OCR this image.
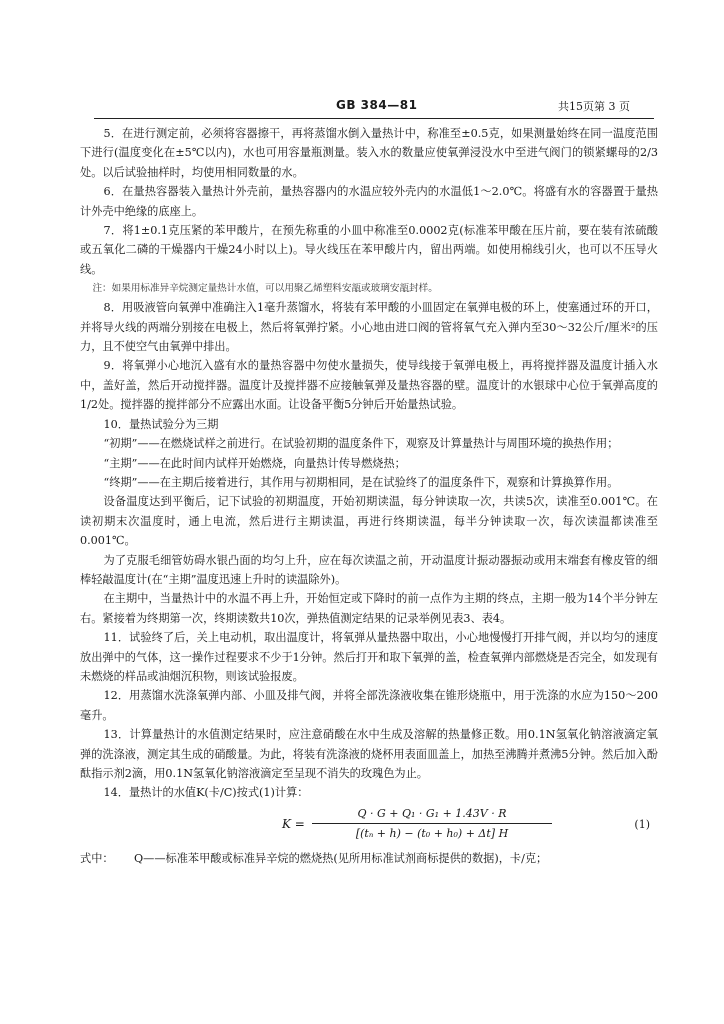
GB 384—81	共15页第 3 页

5．在进行测定前，必须将容器擦干，再将蒸馏水倒入量热计中，称准至±0.5克，如果测量始终在同一温度范围下进行(温度变化在±5℃以内)，水也可用容量瓶测量。装入水的数量应使氧弹浸没水中至进气阀门的锁紧螺母的2/3处。以后试验抽样时，均使用相同数量的水。

6．在量热容器装入量热计外壳前，量热容器内的水温应较外壳内的水温低1～2.0℃。将盛有水的容器置于量热计外壳中绝缘的底座上。

7．将1±0.1克压紧的苯甲酸片，在预先称重的小皿中称准至0.0002克(标准苯甲酸在压片前，要在装有浓硫酸或五氧化二磷的干燥器内干燥24小时以上)。导火线压在苯甲酸片内，留出两端。如使用棉线引火，也可以不压导火线。

注：如果用标准异辛烷测定量热计水值，可以用聚乙烯塑料安瓿或玻璃安瓿封样。

8．用吸液管向氧弹中准确注入1毫升蒸馏水，将装有苯甲酸的小皿固定在氧弹电极的环上，使塞通过环的开口，并将导火线的两端分别接在电极上，然后将氧弹拧紧。小心地由进口阀的管将氧气充入弹内至30～32公斤/厘米²的压力，且不使空气由氧弹中排出。

9．将氧弹小心地沉入盛有水的量热容器中勿使水量损失，使导线接于氧弹电极上，再将搅拌器及温度计插入水中，盖好盖，然后开动搅拌器。温度计及搅拌器不应接触氧弹及量热容器的壁。温度计的水银球中心位于氧弹高度的1/2处。搅拌器的搅拌部分不应露出水面。让设备平衡5分钟后开始量热试验。

10．量热试验分为三期

“初期”——在燃烧试样之前进行。在试验初期的温度条件下，观察及计算量热计与周围环境的换热作用；

“主期”——在此时间内试样开始燃烧，向量热计传导燃烧热；

“终期”——在主期后接着进行，其作用与初期相同，是在试验终了的温度条件下，观察和计算换算作用。

设备温度达到平衡后，记下试验的初期温度，开始初期读温，每分钟读取一次，共读5次，读准至0.001℃。在读初期末次温度时，通上电流，然后进行主期读温，再进行终期读温，每半分钟读取一次，每次读温都读准至0.001℃。

为了克服毛细管妨碍水银凸面的均匀上升，应在每次读温之前，开动温度计振动器振动或用末端套有橡皮管的细棒轻敲温度计(在“主期”温度迅速上升时的读温除外)。

在主期中，当量热计中的水温不再上升，开始恒定或下降时的前一点作为主期的终点，主期一般为14个半分钟左右。紧接着为终期第一次，终期读数共10次，弹热值测定结果的记录举例见表3、表4。

11．试验终了后，关上电动机，取出温度计，将氧弹从量热器中取出，小心地慢慢打开排气阀，并以均匀的速度放出弹中的气体，这一操作过程要求不少于1分钟。然后打开和取下氧弹的盖，检查氧弹内部燃烧是否完全，如发现有未燃烧的样品或油烟沉积物，则该试验报废。

12．用蒸馏水洗涤氧弹内部、小皿及排气阀，并将全部洗涤液收集在锥形烧瓶中，用于洗涤的水应为150～200毫升。

13．计算量热计的水值测定结果时，应注意硝酸在水中生成及溶解的热量修正数。用0.1N氢氧化钠溶液滴定氧弹的洗涤液，测定其生成的硝酸量。为此，将装有洗涤液的烧杯用表面皿盖上，加热至沸腾并煮沸5分钟。然后加入酚酞指示剂2滴，用0.1N氢氧化钠溶液滴定至呈现不消失的玫瑰色为止。

14．量热计的水值K(卡/C)按式(1)计算：

K =
Q · G + Q₁ · G₁ + 1.43V · R
[(tₙ + h) − (t₀ + h₀) + Δt] H
(1)
式中： Q——标准苯甲酸或标准异辛烷的燃烧热(见所用标准试剂商标提供的数据)，卡/克；
